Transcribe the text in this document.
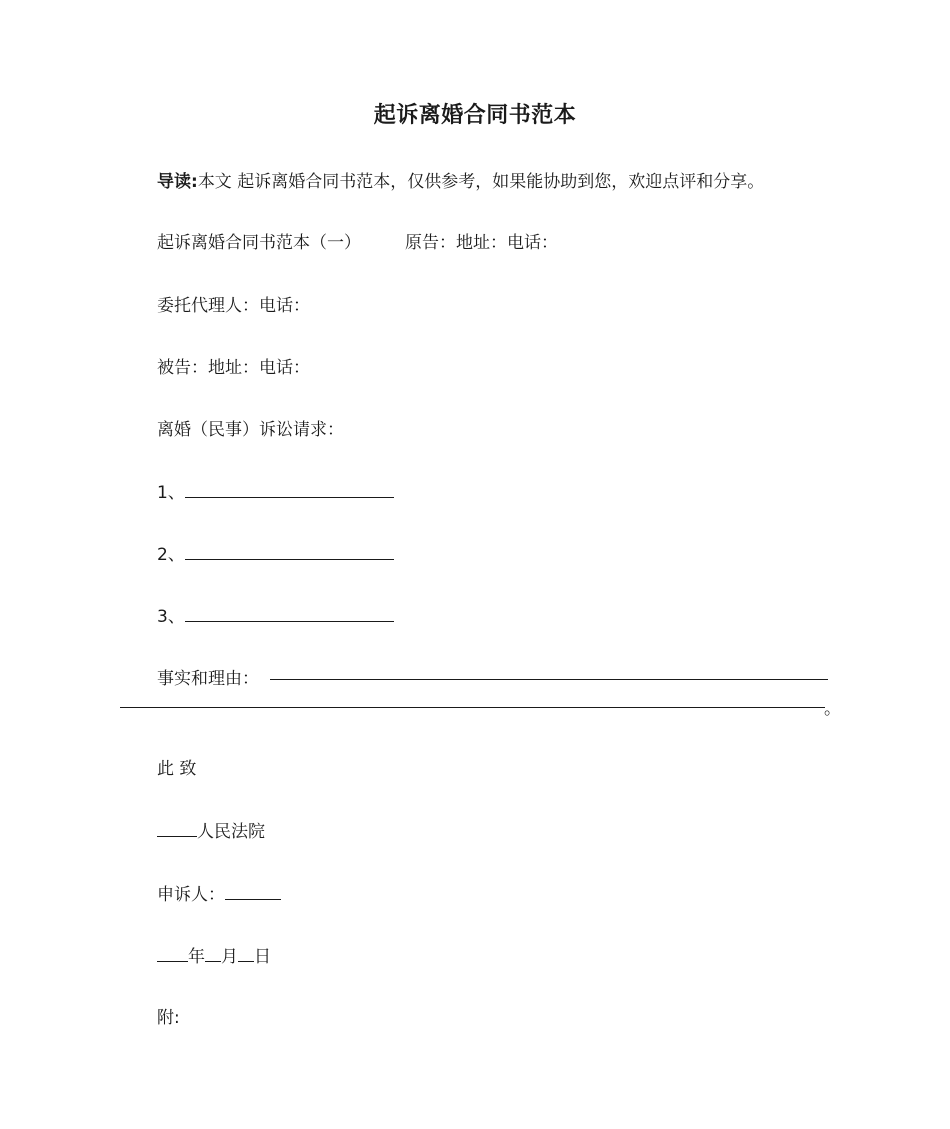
起诉离婚合同书范本
导读:本文 起诉离婚合同书范本，仅供参考，如果能协助到您，欢迎点评和分享。
起诉离婚合同书范本（一）	原告：地址：电话：
委托代理人：电话：
被告：地址：电话：
离婚（民事）诉讼请求：
1、
2、
3、
事实和理由：
。
此 致
人民法院
申诉人：
年 月 日
附:
